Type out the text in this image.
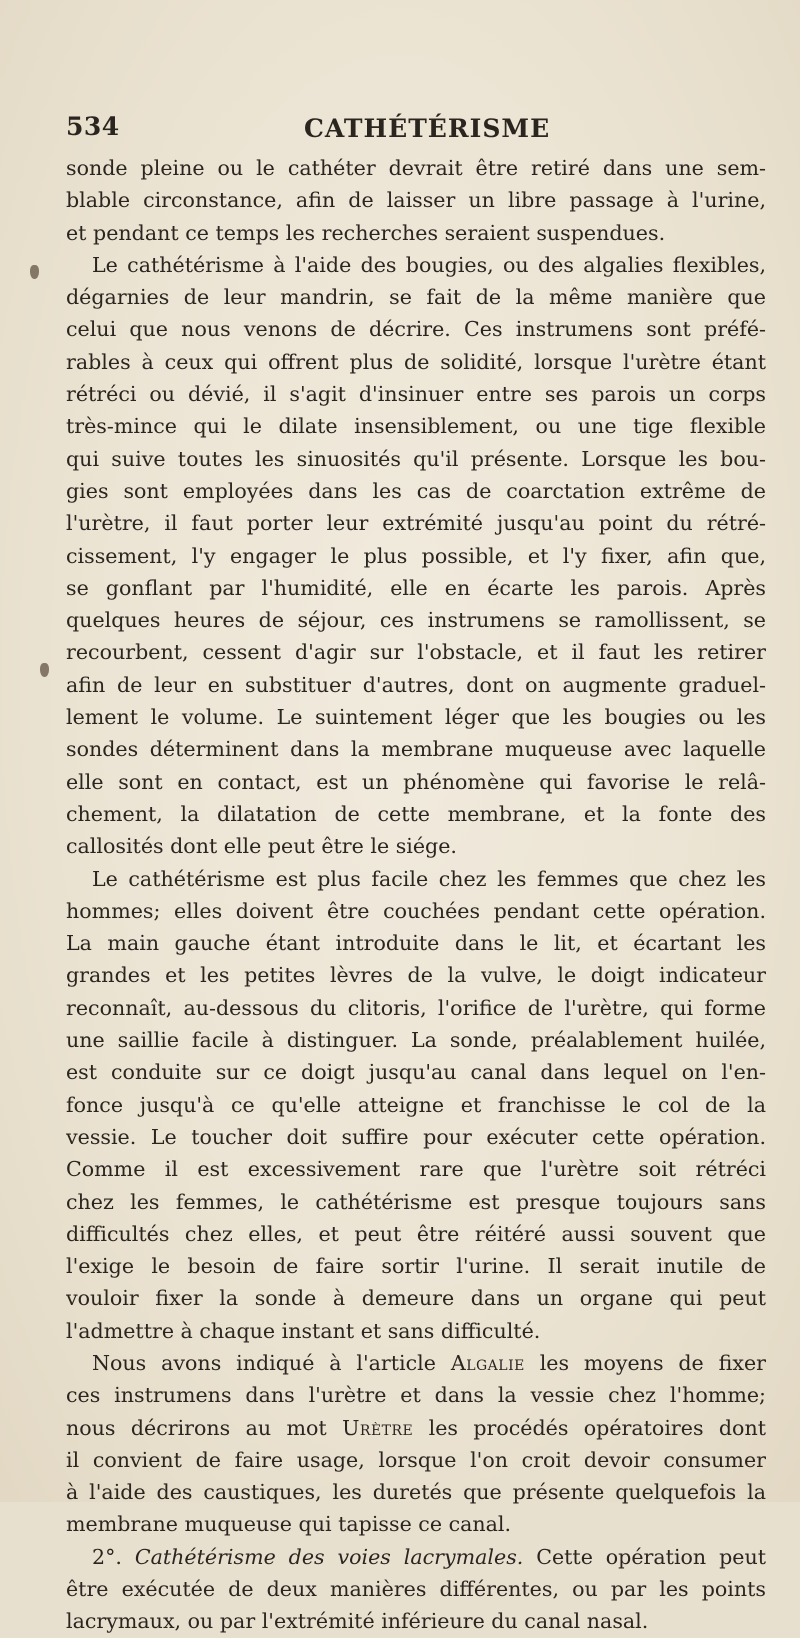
534	CATHÉTÉRISME
sonde pleine ou le cathéter devrait être retiré dans une sem-
blable circonstance, afin de laisser un libre passage à l'urine,
et pendant ce temps les recherches seraient suspendues.
Le cathétérisme à l'aide des bougies, ou des algalies flexibles,
dégarnies de leur mandrin, se fait de la même manière que
celui que nous venons de décrire. Ces instrumens sont préfé-
rables à ceux qui offrent plus de solidité, lorsque l'urètre étant
rétréci ou dévié, il s'agit d'insinuer entre ses parois un corps
très-mince qui le dilate insensiblement, ou une tige flexible
qui suive toutes les sinuosités qu'il présente. Lorsque les bou-
gies sont employées dans les cas de coarctation extrême de
l'urètre, il faut porter leur extrémité jusqu'au point du rétré-
cissement, l'y engager le plus possible, et l'y fixer, afin que,
se gonflant par l'humidité, elle en écarte les parois. Après
quelques heures de séjour, ces instrumens se ramollissent, se
recourbent, cessent d'agir sur l'obstacle, et il faut les retirer
afin de leur en substituer d'autres, dont on augmente graduel-
lement le volume. Le suintement léger que les bougies ou les
sondes déterminent dans la membrane muqueuse avec laquelle
elle sont en contact, est un phénomène qui favorise le relâ-
chement, la dilatation de cette membrane, et la fonte des
callosités dont elle peut être le siége.
Le cathétérisme est plus facile chez les femmes que chez les
hommes; elles doivent être couchées pendant cette opération.
La main gauche étant introduite dans le lit, et écartant les
grandes et les petites lèvres de la vulve, le doigt indicateur
reconnaît, au-dessous du clitoris, l'orifice de l'urètre, qui forme
une saillie facile à distinguer. La sonde, préalablement huilée,
est conduite sur ce doigt jusqu'au canal dans lequel on l'en-
fonce jusqu'à ce qu'elle atteigne et franchisse le col de la
vessie. Le toucher doit suffire pour exécuter cette opération.
Comme il est excessivement rare que l'urètre soit rétréci
chez les femmes, le cathétérisme est presque toujours sans
difficultés chez elles, et peut être réitéré aussi souvent que
l'exige le besoin de faire sortir l'urine. Il serait inutile de
vouloir fixer la sonde à demeure dans un organe qui peut
l'admettre à chaque instant et sans difficulté.
Nous avons indiqué à l'article Algalie les moyens de fixer
ces instrumens dans l'urètre et dans la vessie chez l'homme;
nous décrirons au mot Urètre les procédés opératoires dont
il convient de faire usage, lorsque l'on croit devoir consumer
à l'aide des caustiques, les duretés que présente quelquefois la
membrane muqueuse qui tapisse ce canal.
2°. Cathétérisme des voies lacrymales. Cette opération peut
être exécutée de deux manières différentes, ou par les points
lacrymaux, ou par l'extrémité inférieure du canal nasal.
